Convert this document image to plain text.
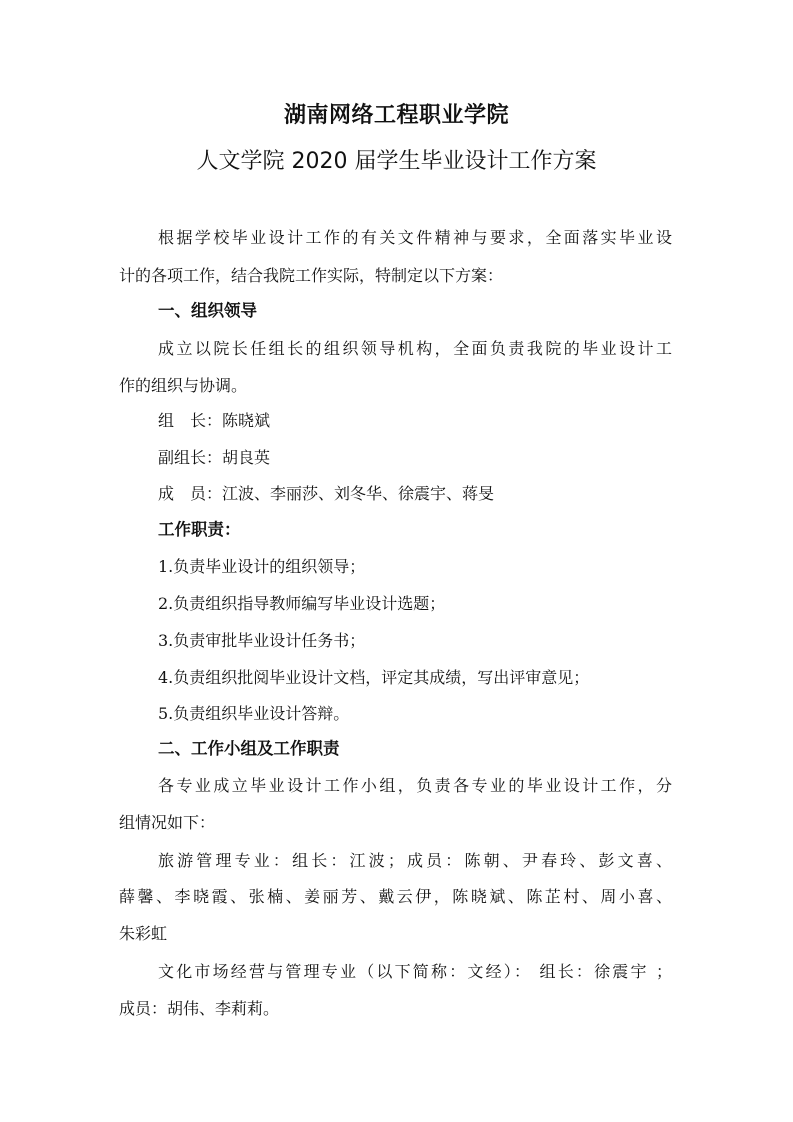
湖南网络工程职业学院
人文学院 2020 届学生毕业设计工作方案
根据学校毕业设计工作的有关文件精神与要求，全面落实毕业设
计的各项工作，结合我院工作实际，特制定以下方案：
一、组织领导
成立以院长任组长的组织领导机构，全面负责我院的毕业设计工
作的组织与协调。
组　长：陈晓斌
副组长：胡良英
成　员：江波、李丽莎、刘冬华、徐震宇、蒋旻
工作职责：
1.负责毕业设计的组织领导；
2.负责组织指导教师编写毕业设计选题；
3.负责审批毕业设计任务书；
4.负责组织批阅毕业设计文档，评定其成绩，写出评审意见；
5.负责组织毕业设计答辩。
二、工作小组及工作职责
各专业成立毕业设计工作小组，负责各专业的毕业设计工作，分
组情况如下：
旅游管理专业：组长：江波；成员：陈朝、尹春玲、彭文喜、
薛馨、李晓霞、张楠、姜丽芳、戴云伊，陈晓斌、陈芷村、周小喜、
朱彩虹
文化市场经营与管理专业（以下简称：文经）： 组长：徐震宇 ；
成员：胡伟、李莉莉。
